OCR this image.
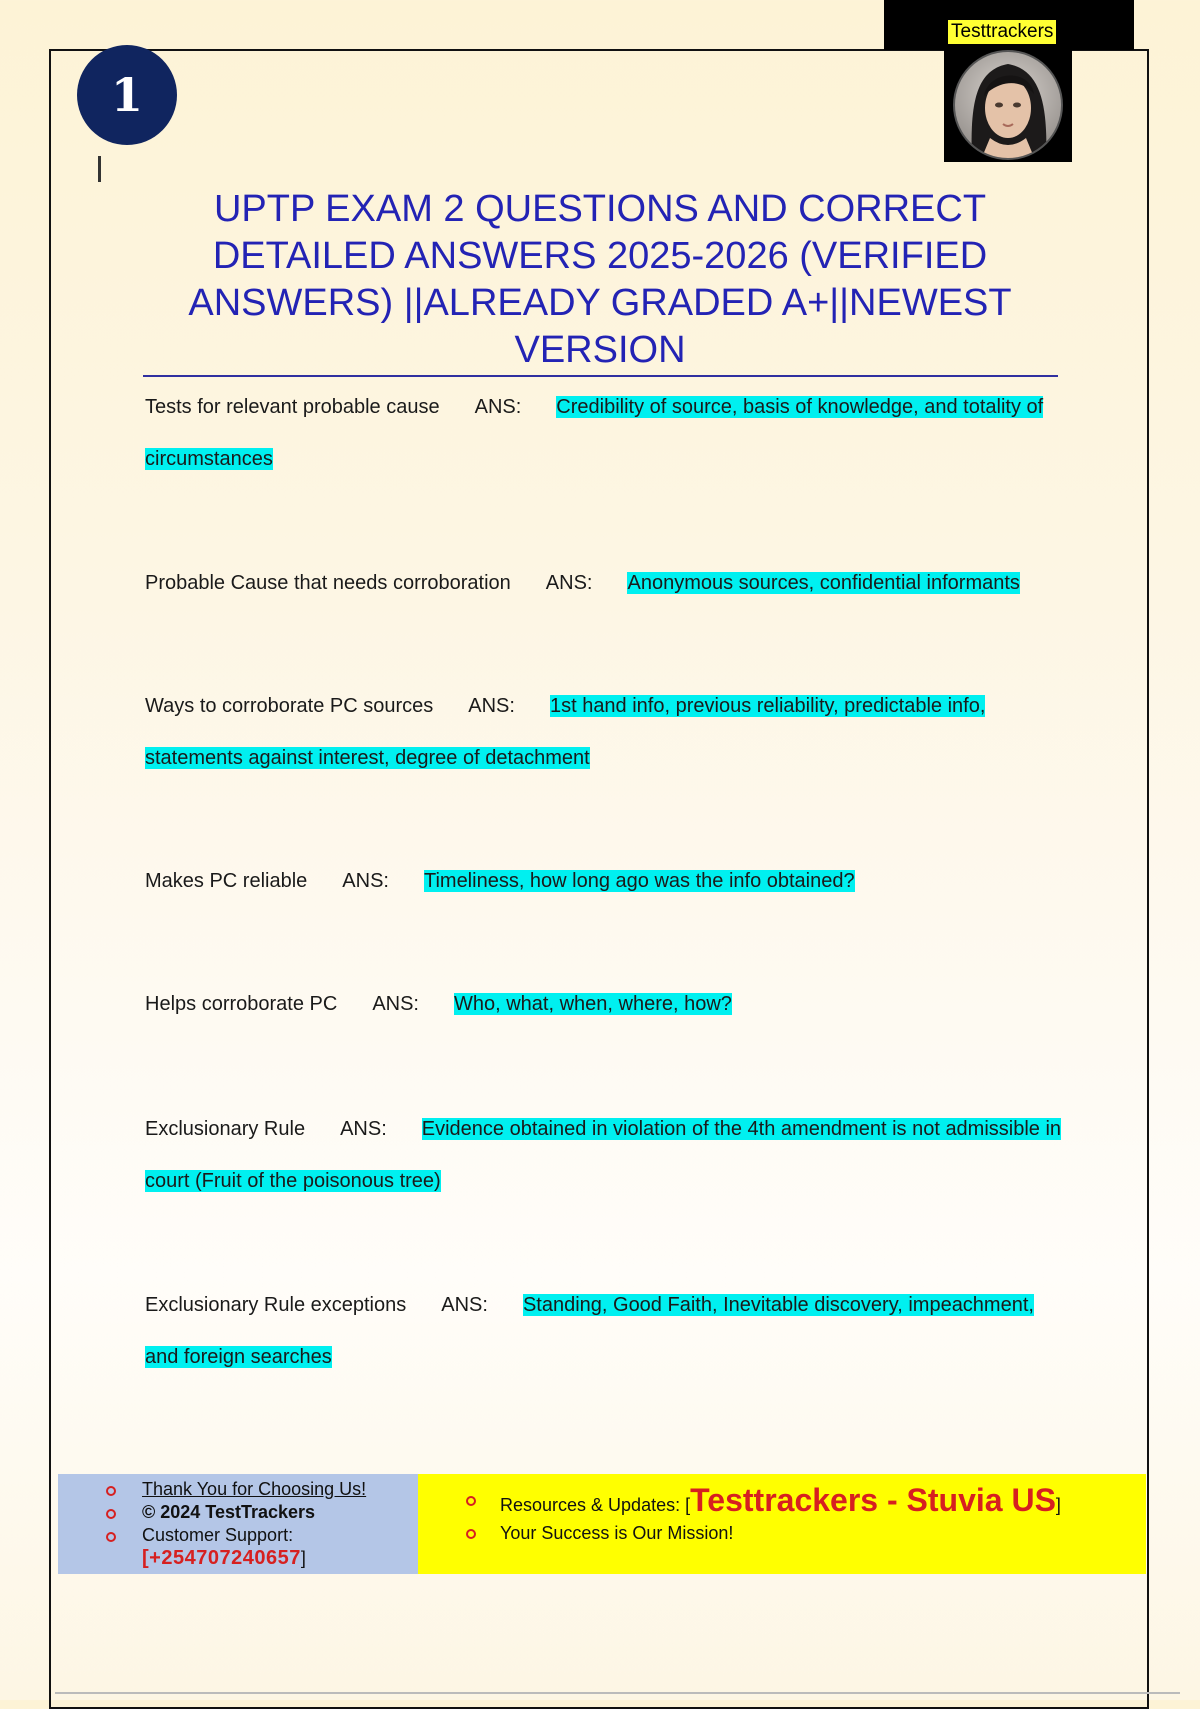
Testtrackers
1
UPTP EXAM 2 QUESTIONS AND CORRECT DETAILED ANSWERS 2025-2026 (VERIFIED ANSWERS) ||ALREADY GRADED A+||NEWEST VERSION

Tests for relevant probable cause ANS: Credibility of source, basis of knowledge, and totality of circumstances

Probable Cause that needs corroboration ANS: Anonymous sources, confidential informants

Ways to corroborate PC sources ANS: 1st hand info, previous reliability, predictable info, statements against interest, degree of detachment

Makes PC reliable ANS: Timeliness, how long ago was the info obtained?

Helps corroborate PC ANS: Who, what, when, where, how?

Exclusionary Rule ANS: Evidence obtained in violation of the 4th amendment is not admissible in court (Fruit of the poisonous tree)

Exclusionary Rule exceptions ANS: Standing, Good Faith, Inevitable discovery, impeachment, and foreign searches

Thank You for Choosing Us!
© 2024 TestTrackers
Customer Support:
[+254707240657]
Resources & Updates: [Testtrackers - Stuvia US]
Your Success is Our Mission!
